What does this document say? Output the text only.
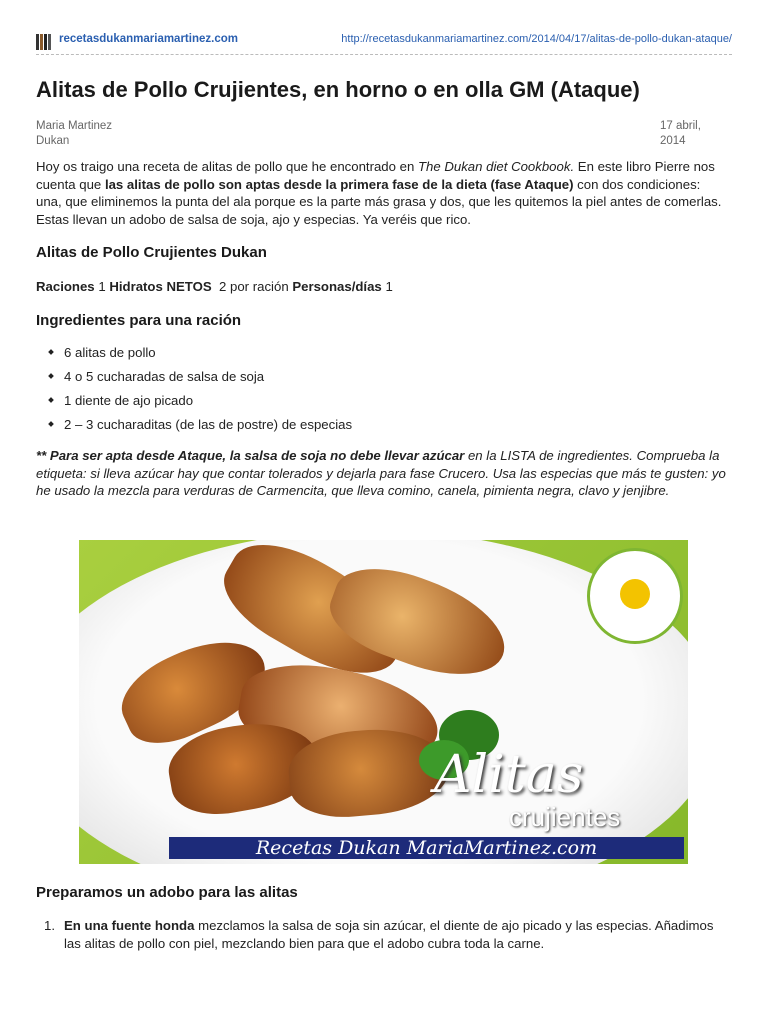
recetasdukanmariamartinez.com	http://recetasdukanmariamartinez.com/2014/04/17/alitas-de-pollo-dukan-ataque/
Alitas de Pollo Crujientes, en horno o en olla GM (Ataque)
Maria Martinez
Dukan
17 abril,
2014
Hoy os traigo una receta de alitas de pollo que he encontrado en The Dukan diet Cookbook. En este libro Pierre nos cuenta que las alitas de pollo son aptas desde la primera fase de la dieta (fase Ataque) con dos condiciones: una, que eliminemos la punta del ala porque es la parte más grasa y dos, que les quitemos la piel antes de comerlas. Estas llevan un adobo de salsa de soja, ajo y especias. Ya veréis que rico.
Alitas de Pollo Crujientes Dukan
Raciones 1 Hidratos NETOS 2 por ración Personas/días 1
Ingredientes para una ración
6 alitas de pollo
4 o 5 cucharadas de salsa de soja
1 diente de ajo picado
2 – 3 cucharaditas (de las de postre) de especias
** Para ser apta desde Ataque, la salsa de soja no debe llevar azúcar en la LISTA de ingredientes. Comprueba la etiqueta: si lleva azúcar hay que contar tolerados y dejarla para fase Crucero. Usa las especias que más te gusten: yo he usado la mezcla para verduras de Carmencita, que lleva comino, canela, pimienta negra, clavo y jenjibre.
Alitas
crujientes
Recetas Dukan MariaMartinez.com
Preparamos un adobo para las alitas
1. En una fuente honda mezclamos la salsa de soja sin azúcar, el diente de ajo picado y las especias. Añadimos las alitas de pollo con piel, mezclando bien para que el adobo cubra toda la carne.
